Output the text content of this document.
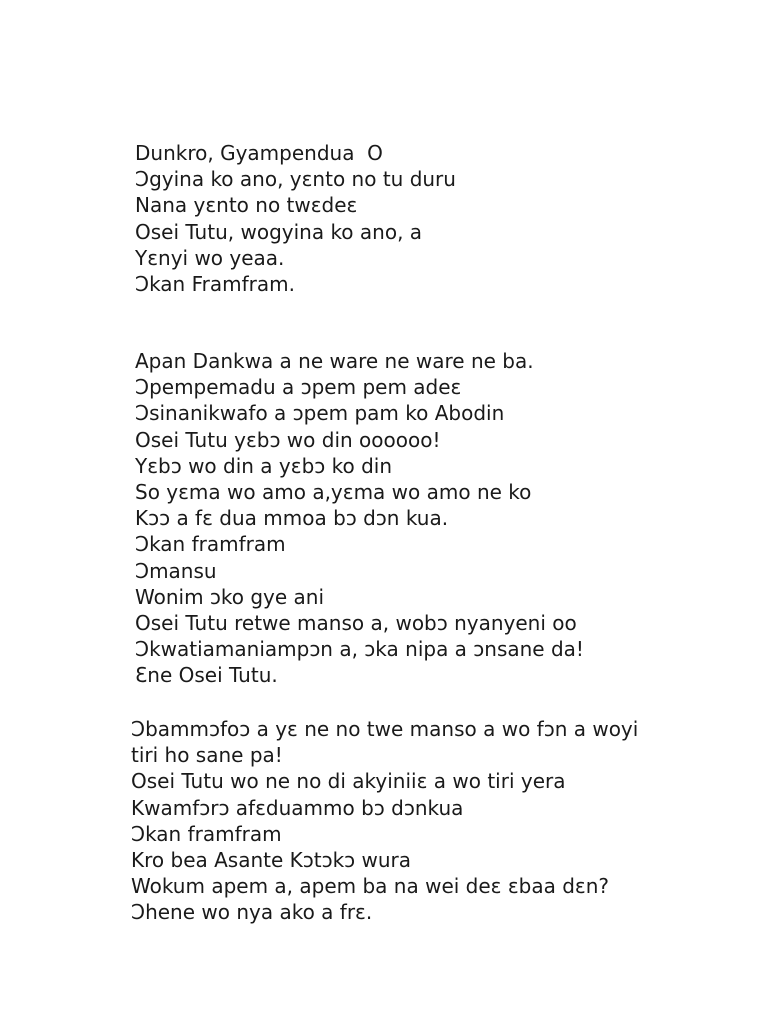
Dunkro, Gyampendua  O
Ɔgyina ko ano, yɛnto no tu duru
Nana yɛnto no twɛdeɛ
Osei Tutu, wogyina ko ano, a
Yɛnyi wo yeaa.
Ɔkan Framfram.
Apan Dankwa a ne ware ne ware ne ba.
Ɔpempemadu a ɔpem pem adeɛ
Ɔsinanikwafo a ɔpem pam ko Abodin
Osei Tutu yɛbɔ wo din oooooo!
Yɛbɔ wo din a yɛbɔ ko din
So yɛma wo amo a,yɛma wo amo ne ko
Kɔɔ a fɛ dua mmoa bɔ dɔn kua.
Ɔkan framfram
Ɔmansu
Wonim ɔko gye ani
Osei Tutu retwe manso a, wobɔ nyanyeni oo
Ɔkwatiamaniampɔn a, ɔka nipa a ɔnsane da!
Ɛne Osei Tutu.
Ɔbammɔfoɔ a yɛ ne no twe manso a wo fɔn a woyi
tiri ho sane pa!
Osei Tutu wo ne no di akyiniiɛ a wo tiri yera
Kwamfɔrɔ afɛduammo bɔ dɔnkua
Ɔkan framfram
Kro bea Asante Kɔtɔkɔ wura
Wokum apem a, apem ba na wei deɛ ɛbaa dɛn?
Ɔhene wo nya ako a frɛ.
